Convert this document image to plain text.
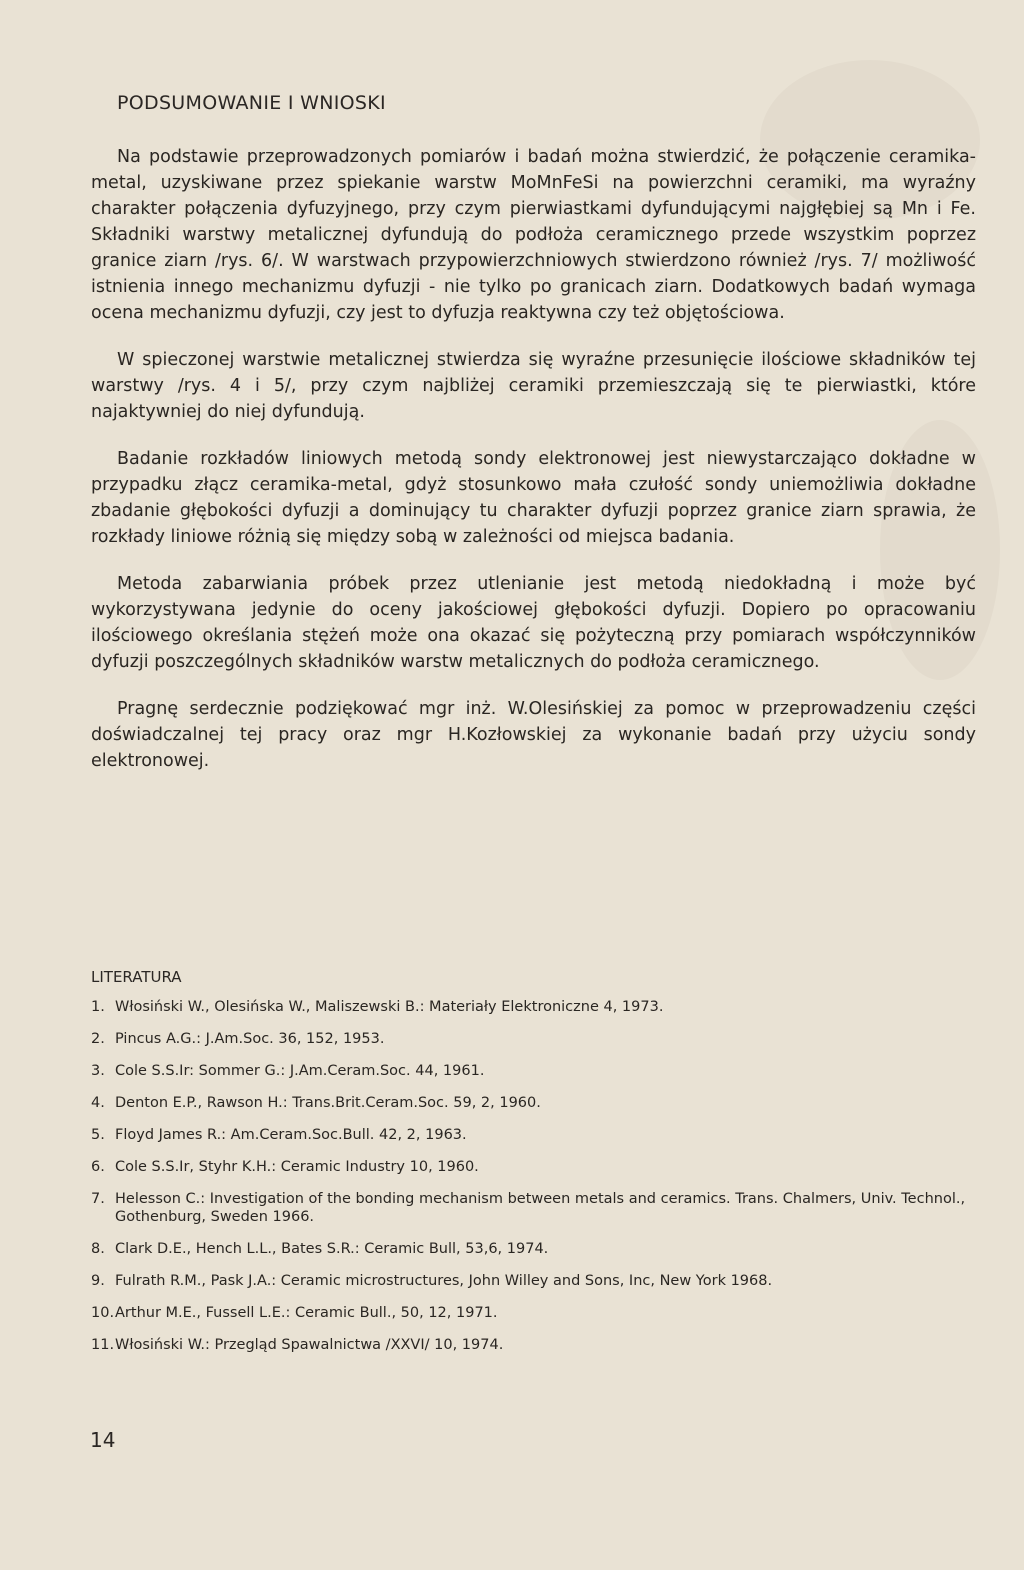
PODSUMOWANIE I WNIOSKI

Na podstawie przeprowadzonych pomiarów i badań można stwierdzić, że połączenie ceramika-metal, uzyskiwane przez spiekanie warstw MoMnFeSi na powierzchni ceramiki, ma wyraźny charakter połączenia dyfuzyjnego, przy czym pierwiastkami dyfundującymi najgłębiej są Mn i Fe. Składniki warstwy metalicznej dyfundują do podłoża ceramicznego przede wszystkim poprzez granice ziarn /rys. 6/. W warstwach przypowierzchniowych stwierdzono również /rys. 7/ możliwość istnienia innego mechanizmu dyfuzji - nie tylko po granicach ziarn. Dodatkowych badań wymaga ocena mechanizmu dyfuzji, czy jest to dyfuzja reaktywna czy też objętościowa.

W spieczonej warstwie metalicznej stwierdza się wyraźne przesunięcie ilościowe składników tej warstwy /rys. 4 i 5/, przy czym najbliżej ceramiki przemieszczają się te pierwiastki, które najaktywniej do niej dyfundują.

Badanie rozkładów liniowych metodą sondy elektronowej jest niewystarczająco dokładne w przypadku złącz ceramika-metal, gdyż stosunkowo mała czułość sondy uniemożliwia dokładne zbadanie głębokości dyfuzji a dominujący tu charakter dyfuzji poprzez granice ziarn sprawia, że rozkłady liniowe różnią się między sobą w zależności od miejsca badania.

Metoda zabarwiania próbek przez utlenianie jest metodą niedokładną i może być wykorzystywana jedynie do oceny jakościowej głębokości dyfuzji. Dopiero po opracowaniu ilościowego określania stężeń może ona okazać się pożyteczną przy pomiarach współczynników dyfuzji poszczególnych składników warstw metalicznych do podłoża ceramicznego.

Pragnę serdecznie podziękować mgr inż. W.Olesińskiej za pomoc w przeprowadzeniu części doświadczalnej tej pracy oraz mgr H.Kozłowskiej za wykonanie badań przy użyciu sondy elektronowej.

LITERATURA
1. Włosiński W., Olesińska W., Maliszewski B.: Materiały Elektroniczne 4, 1973.
2. Pincus A.G.: J.Am.Soc. 36, 152, 1953.
3. Cole S.S.Ir: Sommer G.: J.Am.Ceram.Soc. 44, 1961.
4. Denton E.P., Rawson H.: Trans.Brit.Ceram.Soc. 59, 2, 1960.
5. Floyd James R.: Am.Ceram.Soc.Bull. 42, 2, 1963.
6. Cole S.S.Ir, Styhr K.H.: Ceramic Industry 10, 1960.
7. Helesson C.: Investigation of the bonding mechanism between metals and ceramics. Trans. Chalmers, Univ. Technol., Gothenburg, Sweden 1966.
8. Clark D.E., Hench L.L., Bates S.R.: Ceramic Bull, 53,6, 1974.
9. Fulrath R.M., Pask J.A.: Ceramic microstructures, John Willey and Sons, Inc, New York 1968.
10. Arthur M.E., Fussell L.E.: Ceramic Bull., 50, 12, 1971.
11. Włosiński W.: Przegląd Spawalnictwa /XXVI/ 10, 1974.
14
